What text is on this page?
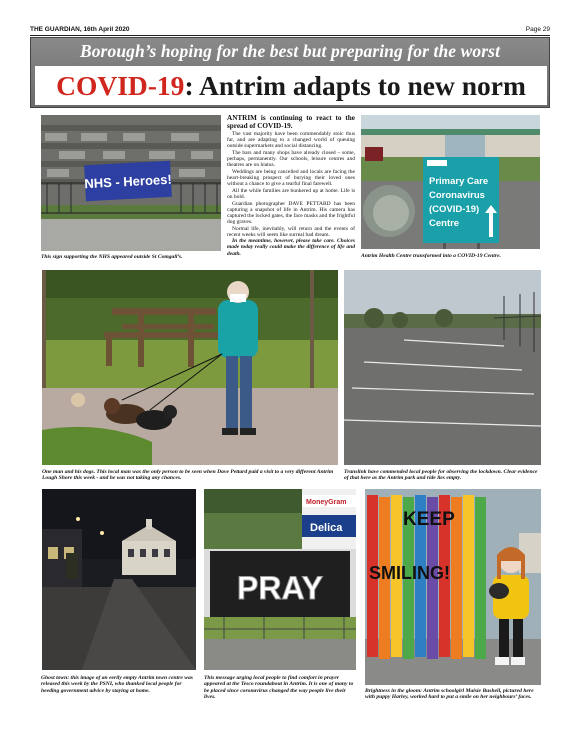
THE GUARDIAN, 16th April 2020	Page 29
Borough’s hoping for the best but preparing for the worst
COVID-19: Antrim adapts to new norm
NHS - Heroes!
This sign supporting the NHS appeared outside St Comgall’s.
ANTRIM is continuing to react to the spread of COVID-19.

The vast majority have been commendably stoic thus far, and are adapting to a changed world of queuing outside supermarkets and social distancing.

The bars and many shops have already closed – some, perhaps, permanently. Our schools, leisure centres and theatres are on hiatus.

Weddings are being cancelled and locals are facing the heart-breaking prospect of burying their loved ones without a chance to give a tearful final farewell.

All the while families are bunkered up at home. Life is on hold.

Guardian photographer DAVE PETTARD has been capturing a snapshot of life in Antrim. His camera has captured the locked gates, the face masks and the frightful dog graves.

Normal life, inevitably, will return and the events of recent weeks will seem like surreal bad dream.

In the meantime, however, please take care. Choices made today really could make the difference of life and death.

Primary Care
Coronavirus
(COVID-19)
Centre
Antrim Health Centre transformed into a COVID-19 Centre.
One man and his dogs. This local man was the only person to be seen when Dave Pettard paid a visit to a very different Antrim Lough Shore this week - and he was not taking any chances.
Translink have commended local people for observing the lockdown. Clear evidence of that here as the Antrim park and ride lies empty.
Ghost town: this image of an eerily empty Antrim town centre was released this week by the PSNI, who thanked local people for heeding government advice by staying at home.
MoneyGram
Delica
PRAY
This message urging local people to find comfort in prayer appeared at the Tesco roundabout in Antrim. It is one of many to be placed since coronavirus changed the way people live their lives.
KEEP
SMILING!
Brightness in the gloom: Antrim schoolgirl Maisie Bushell, pictured here with puppy Harley, worked hard to put a smile on her neighbours’ faces.
